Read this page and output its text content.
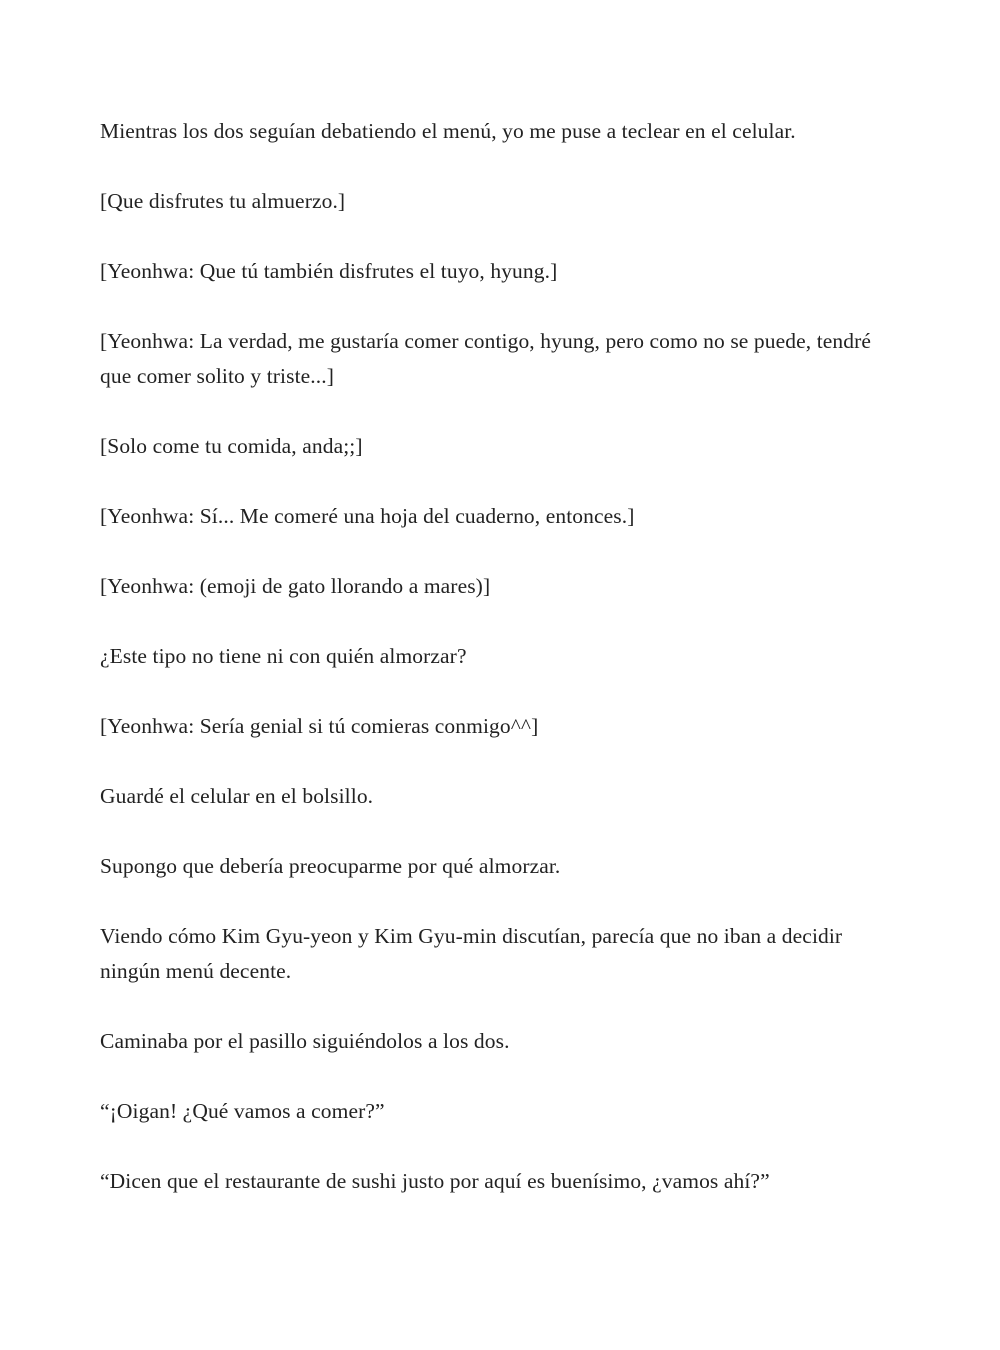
Mientras los dos seguían debatiendo el menú, yo me puse a teclear en el celular.

[Que disfrutes tu almuerzo.]

[Yeonhwa: Que tú también disfrutes el tuyo, hyung.]

[Yeonhwa: La verdad, me gustaría comer contigo, hyung, pero como no se puede, tendré que comer solito y triste...]

[Solo come tu comida, anda;;]

[Yeonhwa: Sí... Me comeré una hoja del cuaderno, entonces.]

[Yeonhwa: (emoji de gato llorando a mares)]

¿Este tipo no tiene ni con quién almorzar?

[Yeonhwa: Sería genial si tú comieras conmigo^^]

Guardé el celular en el bolsillo.

Supongo que debería preocuparme por qué almorzar.

Viendo cómo Kim Gyu-yeon y Kim Gyu-min discutían, parecía que no iban a decidir ningún menú decente.

Caminaba por el pasillo siguiéndolos a los dos.

“¡Oigan! ¿Qué vamos a comer?”

“Dicen que el restaurante de sushi justo por aquí es buenísimo, ¿vamos ahí?”
